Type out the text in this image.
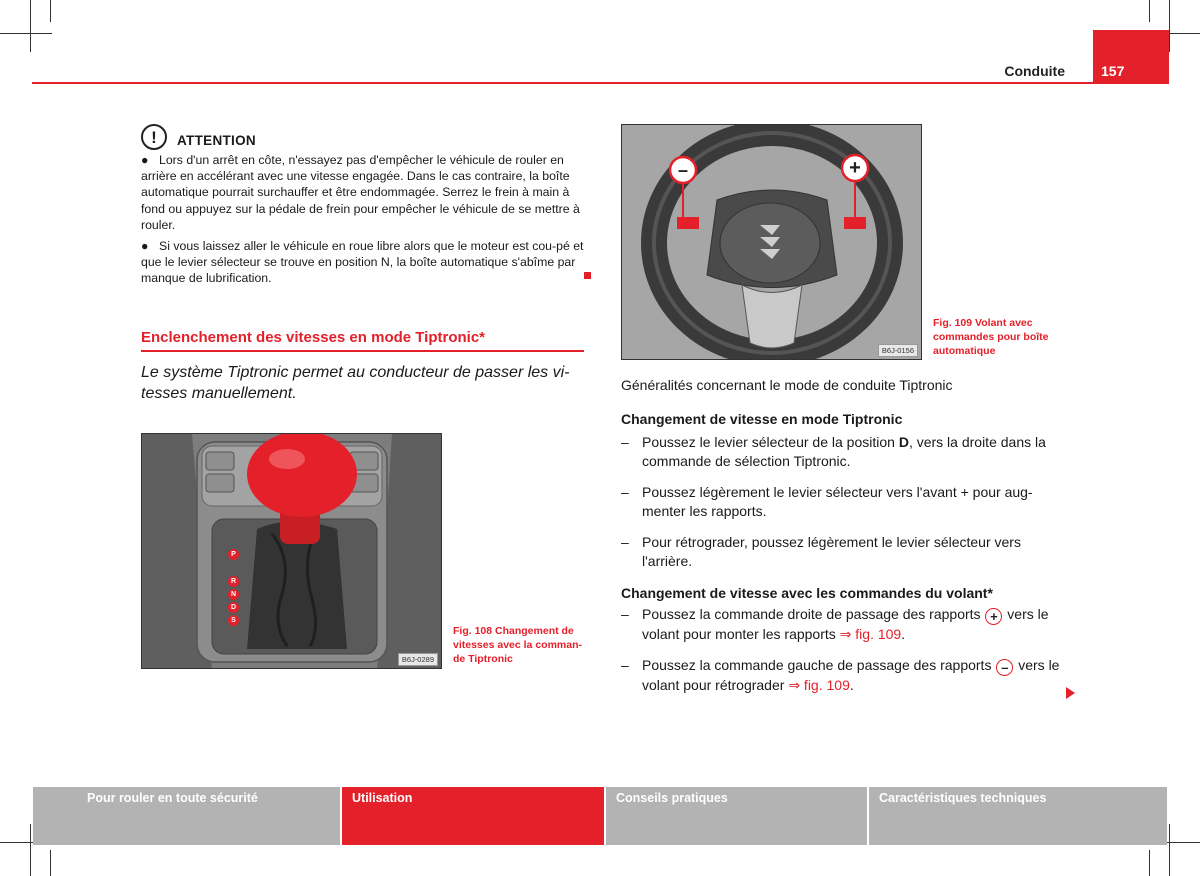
Conduite	157
!	ATTENTION

● Lors d'un arrêt en côte, n'essayez pas d'empêcher le véhicule de rouler en arrière en accélérant avec une vitesse engagée. Dans le cas contraire, la boîte automatique pourrait surchauffer et être endommagée. Serrez le frein à main à fond ou appuyez sur la pédale de frein pour empêcher le véhicule de se mettre à rouler.

● Si vous laissez aller le véhicule en roue libre alors que le moteur est cou-pé et que le levier sélecteur se trouve en position N, la boîte automatique s'abîme par manque de lubrification.

Enclenchement des vitesses en mode Tiptronic*
Le système Tiptronic permet au conducteur de passer les vi-tesses manuellement.
P
R
N
D
S
B6J-0289
Fig. 108 Changement de
vitesses avec la comman-
de Tiptronic
–	+
B6J-0156
Fig. 109 Volant avec
commandes pour boîte
automatique
Généralités concernant le mode de conduite Tiptronic
Changement de vitesse en mode Tiptronic
– Poussez le levier sélecteur de la position D, vers la droite dans la commande de sélection Tiptronic.
– Poussez légèrement le levier sélecteur vers l'avant + pour aug-menter les rapports.
– Pour rétrograder, poussez légèrement le levier sélecteur vers l'arrière.
Changement de vitesse avec les commandes du volant*
– Poussez la commande droite de passage des rapports + vers le volant pour monter les rapports ⇒ fig. 109.
– Poussez la commande gauche de passage des rapports – vers le volant pour rétrograder ⇒ fig. 109.
Pour rouler en toute sécurité	Utilisation	Conseils pratiques	Caractéristiques techniques
